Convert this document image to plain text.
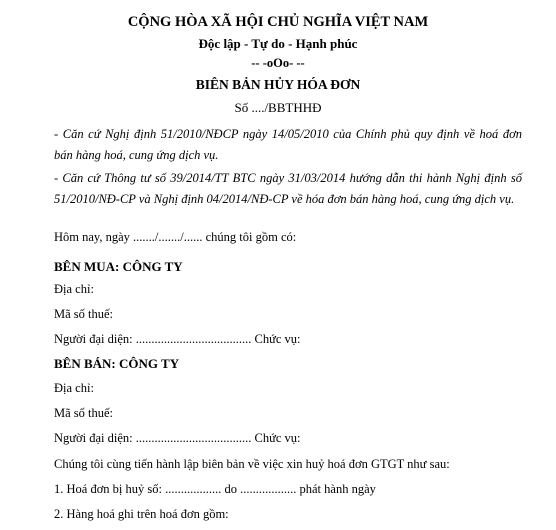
CỘNG HÒA XÃ HỘI CHỦ NGHĨA VIỆT NAM
Độc lập - Tự do - Hạnh phúc
-- -oOo- --
BIÊN BẢN HỦY HÓA ĐƠN
Số ..../BBTHHĐ
- Căn cứ Nghị định 51/2010/NĐCP ngày 14/05/2010 của Chính phủ quy định về hoá đơn bán hàng hoá, cung ứng dịch vụ.
- Căn cứ Thông tư số 39/2014/TT BTC ngày 31/03/2014 hướng dẫn thi hành Nghị định số 51/2010/NĐ-CP và Nghị định 04/2014/NĐ-CP về hóa đơn bán hàng hoá, cung ứng dịch vụ.
Hôm nay, ngày ......./......./...... chúng tôi gồm có:
BÊN MUA: CÔNG TY
Địa chỉ:
Mã số thuế:
Người đại diện: ..................................... Chức vụ:
BÊN BÁN: CÔNG TY
Địa chỉ:
Mã số thuế:
Người đại diện: ..................................... Chức vụ:
Chúng tôi cùng tiến hành lập biên bản về việc xin huỷ hoá đơn GTGT như sau:
1. Hoá đơn bị huỷ số: .................. do .................. phát hành ngày
2. Hàng hoá ghi trên hoá đơn gồm:
